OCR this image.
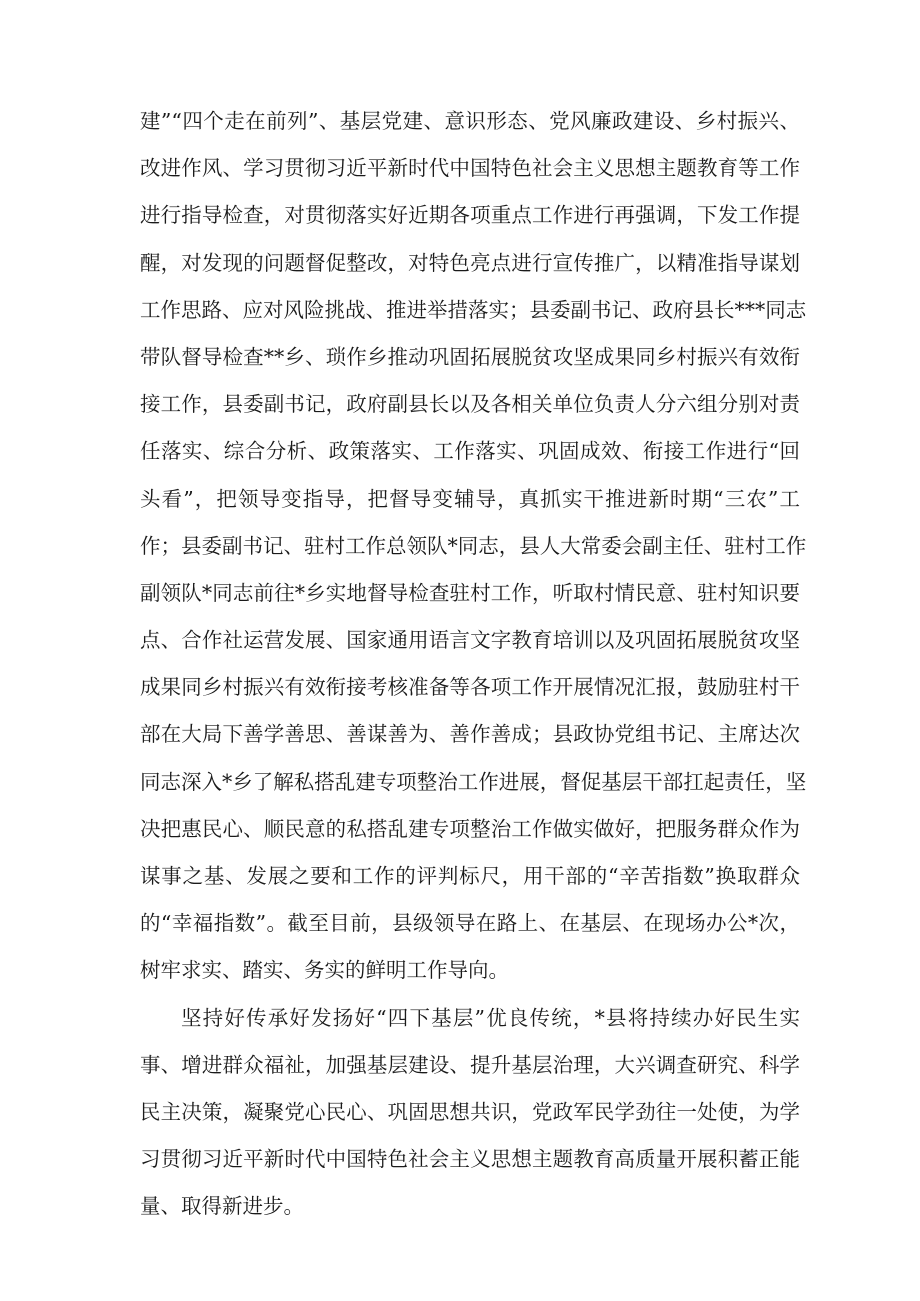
建”“四个走在前列”、基层党建、意识形态、党风廉政建设、乡村振兴、
改进作风、学习贯彻习近平新时代中国特色社会主义思想主题教育等工作
进行指导检查，对贯彻落实好近期各项重点工作进行再强调，下发工作提
醒，对发现的问题督促整改，对特色亮点进行宣传推广，以精准指导谋划
工作思路、应对风险挑战、推进举措落实；县委副书记、政府县长***同志
带队督导检查**乡、琐作乡推动巩固拓展脱贫攻坚成果同乡村振兴有效衔
接工作，县委副书记，政府副县长以及各相关单位负责人分六组分别对责
任落实、综合分析、政策落实、工作落实、巩固成效、衔接工作进行“回
头看”，把领导变指导，把督导变辅导，真抓实干推进新时期“三农”工
作；县委副书记、驻村工作总领队*同志，县人大常委会副主任、驻村工作
副领队*同志前往*乡实地督导检查驻村工作，听取村情民意、驻村知识要
点、合作社运营发展、国家通用语言文字教育培训以及巩固拓展脱贫攻坚
成果同乡村振兴有效衔接考核准备等各项工作开展情况汇报，鼓励驻村干
部在大局下善学善思、善谋善为、善作善成；县政协党组书记、主席达次
同志深入*乡了解私搭乱建专项整治工作进展，督促基层干部扛起责任，坚
决把惠民心、顺民意的私搭乱建专项整治工作做实做好，把服务群众作为
谋事之基、发展之要和工作的评判标尺，用干部的“辛苦指数”换取群众
的“幸福指数”。截至目前，县级领导在路上、在基层、在现场办公*次，
树牢求实、踏实、务实的鲜明工作导向。
坚持好传承好发扬好“四下基层”优良传统，*县将持续办好民生实
事、增进群众福祉，加强基层建设、提升基层治理，大兴调查研究、科学
民主决策，凝聚党心民心、巩固思想共识，党政军民学劲往一处使，为学
习贯彻习近平新时代中国特色社会主义思想主题教育高质量开展积蓄正能
量、取得新进步。
